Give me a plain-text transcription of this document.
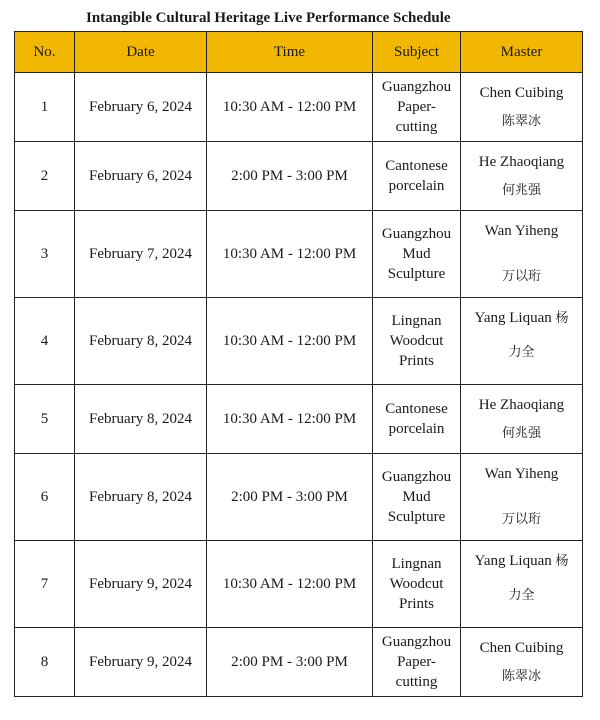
Intangible Cultural Heritage Live Performance Schedule
No.	Date	Time	Subject	Master
1	February 6, 2024	10:30 AM - 12:00 PM	Guangzhou Paper-cutting	Chen Cuibing
陈翠冰

2	February 6, 2024	2:00 PM - 3:00 PM	Cantonese porcelain	He Zhaoqiang
何兆强

3	February 7, 2024	10:30 AM - 12:00 PM	Guangzhou Mud Sculpture	Wan Yiheng
万以珩

4	February 8, 2024	10:30 AM - 12:00 PM	Lingnan Woodcut Prints	Yang Liquan 杨
力全

5	February 8, 2024	10:30 AM - 12:00 PM	Cantonese porcelain	He Zhaoqiang
何兆强

6	February 8, 2024	2:00 PM - 3:00 PM	Guangzhou Mud Sculpture	Wan Yiheng
万以珩

7	February 9, 2024	10:30 AM - 12:00 PM	Lingnan Woodcut Prints	Yang Liquan 杨
力全

8	February 9, 2024	2:00 PM - 3:00 PM	Guangzhou Paper-cutting	Chen Cuibing
陈翠冰
